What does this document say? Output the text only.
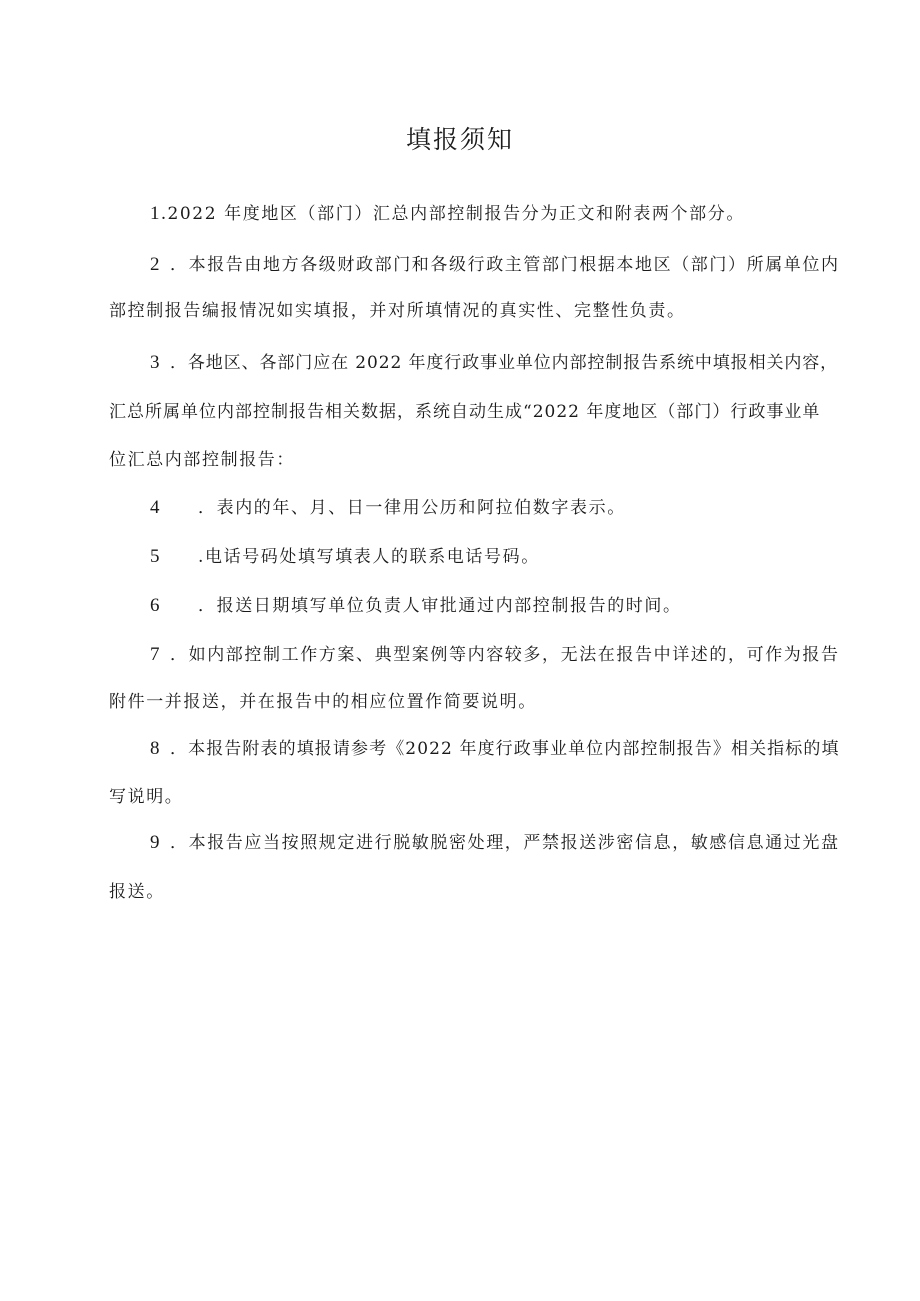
填报须知
1.2022 年度地区（部门）汇总内部控制报告分为正文和附表两个部分。
2 ．本报告由地方各级财政部门和各级行政主管部门根据本地区（部门）所属单位内
部控制报告编报情况如实填报，并对所填情况的真实性、完整性负责。
3 ．各地区、各部门应在 2022 年度行政事业单位内部控制报告系统中填报相关内容，
汇总所属单位内部控制报告相关数据，系统自动生成“2022 年度地区（部门）行政事业单
位汇总内部控制报告：
4 ．表内的年、月、日一律用公历和阿拉伯数字表示。
5 .电话号码处填写填表人的联系电话号码。
6 ．报送日期填写单位负责人审批通过内部控制报告的时间。
7 ．如内部控制工作方案、典型案例等内容较多，无法在报告中详述的，可作为报告
附件一并报送，并在报告中的相应位置作简要说明。
8 ．本报告附表的填报请参考《2022 年度行政事业单位内部控制报告》相关指标的填
写说明。
9 ．本报告应当按照规定进行脱敏脱密处理，严禁报送涉密信息，敏感信息通过光盘
报送。
